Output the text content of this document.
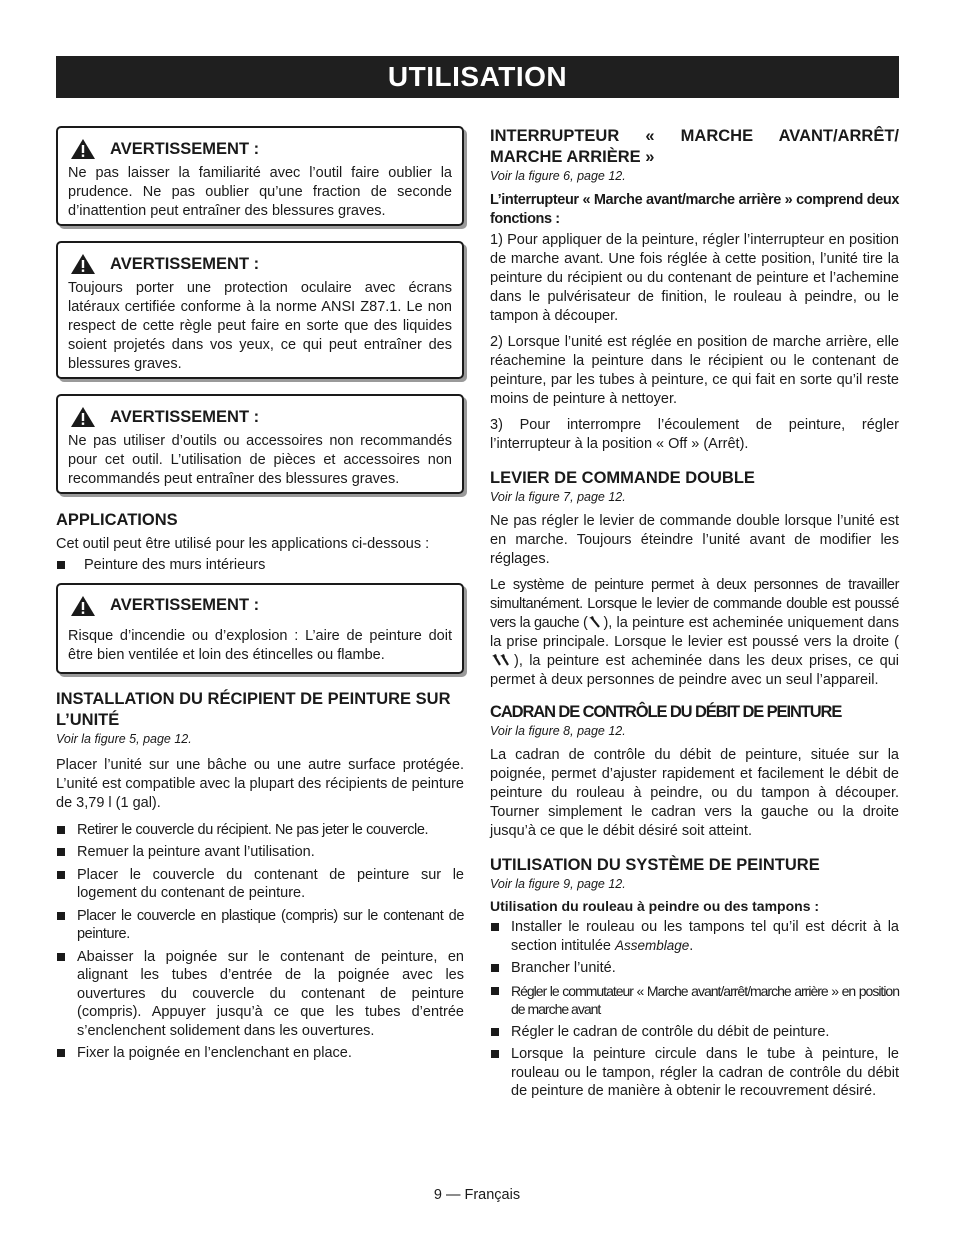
UTILISATION
AVERTISSEMENT :

Ne pas laisser la familiarité avec l’outil faire oublier la prudence. Ne pas oublier qu’une fraction de seconde d’inattention peut entraîner des blessures graves.

AVERTISSEMENT :

Toujours porter une protection oculaire avec écrans latéraux certifiée conforme à la norme ANSI Z87.1. Le non respect de cette règle peut faire en sorte que des liquides soient projetés dans vos yeux, ce qui peut entraîner des blessures graves.

AVERTISSEMENT :

Ne pas utiliser d’outils ou accessoires non recommandés pour cet outil. L’utilisation de pièces et accessoires non recommandés peut entraîner des blessures graves.

APPLICATIONS

Cet outil peut être utilisé pour les applications ci-dessous :

Peinture des murs intérieurs
AVERTISSEMENT :

Risque d’incendie ou d’explosion : L’aire de peinture doit être bien ventilée et loin des étincelles ou flambe.

INSTALLATION DU RÉCIPIENT DE PEINTURE SUR L’UNITÉ
Voir la figure 5, page 12.

Placer l’unité sur une bâche ou une autre surface protégée. L’unité est compatible avec la plupart des récipients de peinture de 3,79 l (1 gal).

Retirer le couvercle du récipient. Ne pas jeter le couvercle.
Remuer la peinture avant l’utilisation.
Placer le couvercle du contenant de peinture sur le logement du contenant de peinture.
Placer le couvercle en plastique (compris) sur le contenant de peinture.
Abaisser la poignée sur le contenant de peinture, en alignant les tubes d’entrée de la poignée avec les ouvertures du couvercle du contenant de peinture (compris). Appuyer jusqu’à ce que les tubes d’entrée s’enclenchent solidement dans les ouvertures.
Fixer la poignée en l’enclenchant en place.
INTERRUPTEUR « MARCHE AVANT/ARRÊT/ MARCHE ARRIÈRE »
Voir la figure 6, page 12.

L’interrupteur « Marche avant/marche arrière » comprend deux fonctions :

1) Pour appliquer de la peinture, régler l’interrupteur en position de marche avant. Une fois réglée à cette position, l’unité tire la peinture du récipient ou du contenant de peinture et l’achemine dans le pulvérisateur de finition, le rouleau à peindre, ou le tampon à découper.

2) Lorsque l’unité est réglée en position de marche arrière, elle réachemine la peinture dans le récipient ou le contenant de peinture, par les tubes à peinture, ce qui fait en sorte qu’il reste moins de peinture à nettoyer.

3) Pour interrompre l’écoulement de peinture, régler l’interrupteur à la position « Off » (Arrêt).

LEVIER DE COMMANDE DOUBLE
Voir la figure 7, page 12.

Ne pas régler le levier de commande double lorsque l’unité est en marche. Toujours éteindre l’unité avant de modifier les réglages.

Le système de peinture permet à deux personnes de travailler simultanément. Lorsque le levier de commande double est poussé vers la gauche ( ), la peinture est acheminée uniquement dans la prise principale. Lorsque le levier est poussé vers la droite (), la peinture est acheminée dans les deux prises, ce qui permet à deux personnes de peindre avec un seul l’appareil.

CADRAN DE CONTRÔLE DU DÉBIT DE PEINTURE
Voir la figure 8, page 12.

La cadran de contrôle du débit de peinture, située sur la poignée, permet d’ajuster rapidement et facilement le débit de peinture du rouleau à peindre, ou du tampon à découper. Tourner simplement le cadran vers la gauche ou la droite jusqu’à ce que le débit désiré soit atteint.

UTILISATION DU SYSTÈME DE PEINTURE
Voir la figure 9, page 12.

Utilisation du rouleau à peindre ou des tampons :

Installer le rouleau ou les tampons tel qu’il est décrit à la section intitulée Assemblage.
Brancher l’unité.
Régler le commutateur « Marche avant/arrêt/marche arrière » en position de marche avant
Régler le cadran de contrôle du débit de peinture.
Lorsque la peinture circule dans le tube à peinture, le rouleau ou le tampon, régler la cadran de contrôle du débit de peinture de manière à obtenir le recouvrement désiré.
9 — Français
